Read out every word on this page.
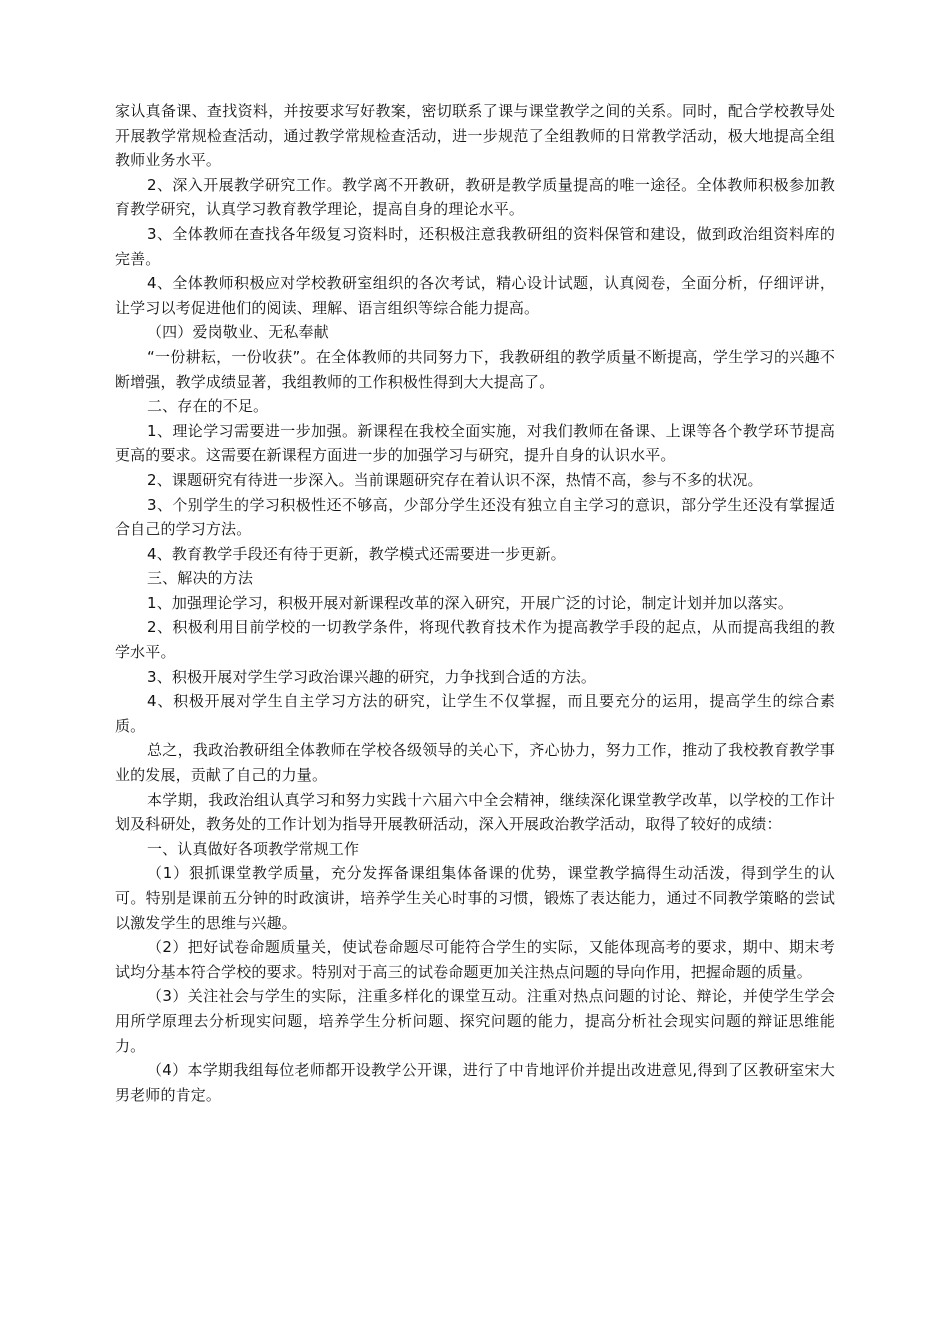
家认真备课、查找资料，并按要求写好教案，密切联系了课与课堂教学之间的关系。同时，配合学校教导处开展教学常规检查活动，通过教学常规检查活动，进一步规范了全组教师的日常教学活动，极大地提高全组教师业务水平。

2、深入开展教学研究工作。教学离不开教研，教研是教学质量提高的唯一途径。全体教师积极参加教育教学研究，认真学习教育教学理论，提高自身的理论水平。

3、全体教师在查找各年级复习资料时，还积极注意我教研组的资料保管和建设，做到政治组资料库的完善。

4、全体教师积极应对学校教研室组织的各次考试，精心设计试题，认真阅卷，全面分析，仔细评讲，让学习以考促进他们的阅读、理解、语言组织等综合能力提高。

（四）爱岗敬业、无私奉献

“一份耕耘，一份收获”。在全体教师的共同努力下，我教研组的教学质量不断提高，学生学习的兴趣不断增强，教学成绩显著，我组教师的工作积极性得到大大提高了。

二、存在的不足。

1、理论学习需要进一步加强。新课程在我校全面实施，对我们教师在备课、上课等各个教学环节提高更高的要求。这需要在新课程方面进一步的加强学习与研究，提升自身的认识水平。

2、课题研究有待进一步深入。当前课题研究存在着认识不深，热情不高，参与不多的状况。

3、个别学生的学习积极性还不够高，少部分学生还没有独立自主学习的意识，部分学生还没有掌握适合自己的学习方法。

4、教育教学手段还有待于更新，教学模式还需要进一步更新。

三、解决的方法

1、加强理论学习，积极开展对新课程改革的深入研究，开展广泛的讨论，制定计划并加以落实。

2、积极利用目前学校的一切教学条件，将现代教育技术作为提高教学手段的起点，从而提高我组的教学水平。

3、积极开展对学生学习政治课兴趣的研究，力争找到合适的方法。

4、积极开展对学生自主学习方法的研究，让学生不仅掌握，而且要充分的运用，提高学生的综合素质。

总之，我政治教研组全体教师在学校各级领导的关心下，齐心协力，努力工作，推动了我校教育教学事业的发展，贡献了自己的力量。

本学期，我政治组认真学习和努力实践十六届六中全会精神，继续深化课堂教学改革，以学校的工作计划及科研处，教务处的工作计划为指导开展教研活动，深入开展政治教学活动，取得了较好的成绩：

一、认真做好各项教学常规工作

（1）狠抓课堂教学质量，充分发挥备课组集体备课的优势，课堂教学搞得生动活泼，得到学生的认可。特别是课前五分钟的时政演讲，培养学生关心时事的习惯，锻炼了表达能力，通过不同教学策略的尝试以激发学生的思维与兴趣。

（2）把好试卷命题质量关，使试卷命题尽可能符合学生的实际，又能体现高考的要求，期中、期末考试均分基本符合学校的要求。特别对于高三的试卷命题更加关注热点问题的导向作用，把握命题的质量。

（3）关注社会与学生的实际，注重多样化的课堂互动。注重对热点问题的讨论、辩论，并使学生学会用所学原理去分析现实问题，培养学生分析问题、探究问题的能力，提高分析社会现实问题的辩证思维能力。

（4）本学期我组每位老师都开设教学公开课，进行了中肯地评价并提出改进意见,得到了区教研室宋大男老师的肯定。
